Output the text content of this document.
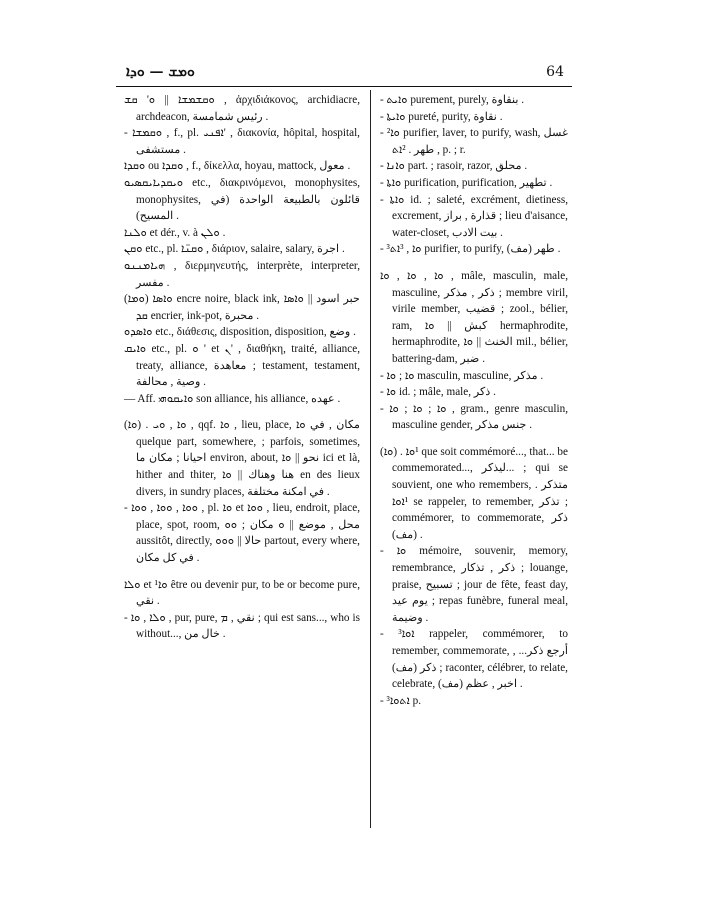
ܘܡܫ — ܘܕܐ	64
ܘܩܫܡܫܐ || ܘ' ܩܫ , ἀρχιδιάκονος, archidiacre, archdeacon, رئيس شمامسة .
- ܘܩܡܫܐ , f., pl. ܐܦܢܝ' , διακονία, hôpital, hospital, مستشفى .
ܘܩܕܐ ou ܘܩܕܐ , f., δίκελλα, hoyau, mattock, معول .
ܘܝܩܕܝܐܝܩܣܝܘ etc., διακρινόμενοι, monophysites, monophysites, قائلون بالطبيعة الواحدة (في المسيح) .
ܘܠܢܐ et dér., v. à ܘܠܢ .
ܘܩܢ etc., pl. ܘܩܢ̈ܐ , διάριον, salaire, salary, اجرة .
ܗܝܐܡܢܢܘ , διερμηνευτής, interprète, interpreter, مفسر .
(ܘܡܐ) ܘܐܣܐ encre noire, black ink, حبر اسود || ܘܐܣܐ ܩܕ encrier, ink-pot, محبرة .
ܘܐܣܕܘ etc., διάθεσις, disposition, disposition, وضع .
ܘܐܝܩ etc., pl. ܘ ' et ܢ' , διαθήκη, traité, alliance, treaty, alliance, معاهدة ; testament, testament, وصية , محالفة .
— Aff. ܘܐܝܩܘܗܝ son alliance, his alliance, عهده .
(ܘܐ) . ܘܐ , ܘܝ , qqf. ܘܐ , lieu, place, مكان , في ܘܐ quelque part, somewhere, ; parfois, sometimes, احيانا ; مكان ما environ, about, نحو || ܘܐ ici et là, hither and thiter, هنا وهناك || ܘܐ en des lieux divers, in sundry places, في امكنة مختلفة .
- ܘܘܐ , ܘܘܐ , ܘܘܐ , pl. ܘܐ et ܘܘܐ , lieu, endroit, place, place, spot, room, محل , موضع || ܘ مكان ; ܘܘ aussitôt, directly, حالا || ܘܘܘ partout, every where, في كل مكان .
ܘܠܐ et ¹ܘܐ être ou devenir pur, to be or become pure, نقي .
- ܘܠܐ , ܘܐ , pur, pure, نقي , ܡ ; qui est sans..., who is without..., خال من .
- ܘܐܝܬ purement, purely, بنقاوة .
- ܘܐܝܬܐ pureté, purity, نقاوة .
- ²ܘܐ purifier, laver, to purify, wash, غسل , طهر . ²ܐܬ p. ; r.
- ܘܐܢܐ part. ; rasoir, razor, محلق .
- ܘܐܬܐ purification, purification, تطهير .
- ܘܐܬܐ id. ; saleté, excrément, dietiness, excrement, قذارة , براز ; lieu d'aisance, water-closet, بيت الادب .
- ³ܘܐ , ³ܐܬ purifier, to purify, طهر (مف) .
ܘܐ , ܘܐ , ܘܐ , mâle, masculin, male, masculine, ذكر , مذكر ; membre viril, virile member, قضيب ; zool., bélier, ram, كبش || ܘܐ hermaphrodite, hermaphrodite, الخنث || ܘܐ mil., bélier, battering-dam, ضبر .
- ܘܐ ; ܘܐ masculin, masculine, مذكر .
- ܘܐ id. ; mâle, male, ذكر .
- ܘܐ ; ܘܐ ; ܘܐ , gram., genre masculin, masculine gender, جنس مذكر .
(ܘܐ) . ¹ܘܐ que soit commémoré..., that... be commemorated..., ليذكر... ; qui se souvient, one who remembers, متذكر . ¹ܐܘܐ se rappeler, to remember, تذكر ; commémorer, to commemorate, ذكر (مف) .
- ܘܐ mémoire, souvenir, memory, remembrance, ذكر , تذكار ; louange, praise, تسبيح ; jour de fête, feast day, يوم عيد ; repas funèbre, funeral meal, وضيمة .
- ³ܐܘܐ rappeler, commémorer, to remember, commemorate, أرجع ذكر... , ذكر (مف) ; raconter, célébrer, to relate, celebrate, اخبر , عظم (مف) .
- ³ܐܬܘܐ p.
